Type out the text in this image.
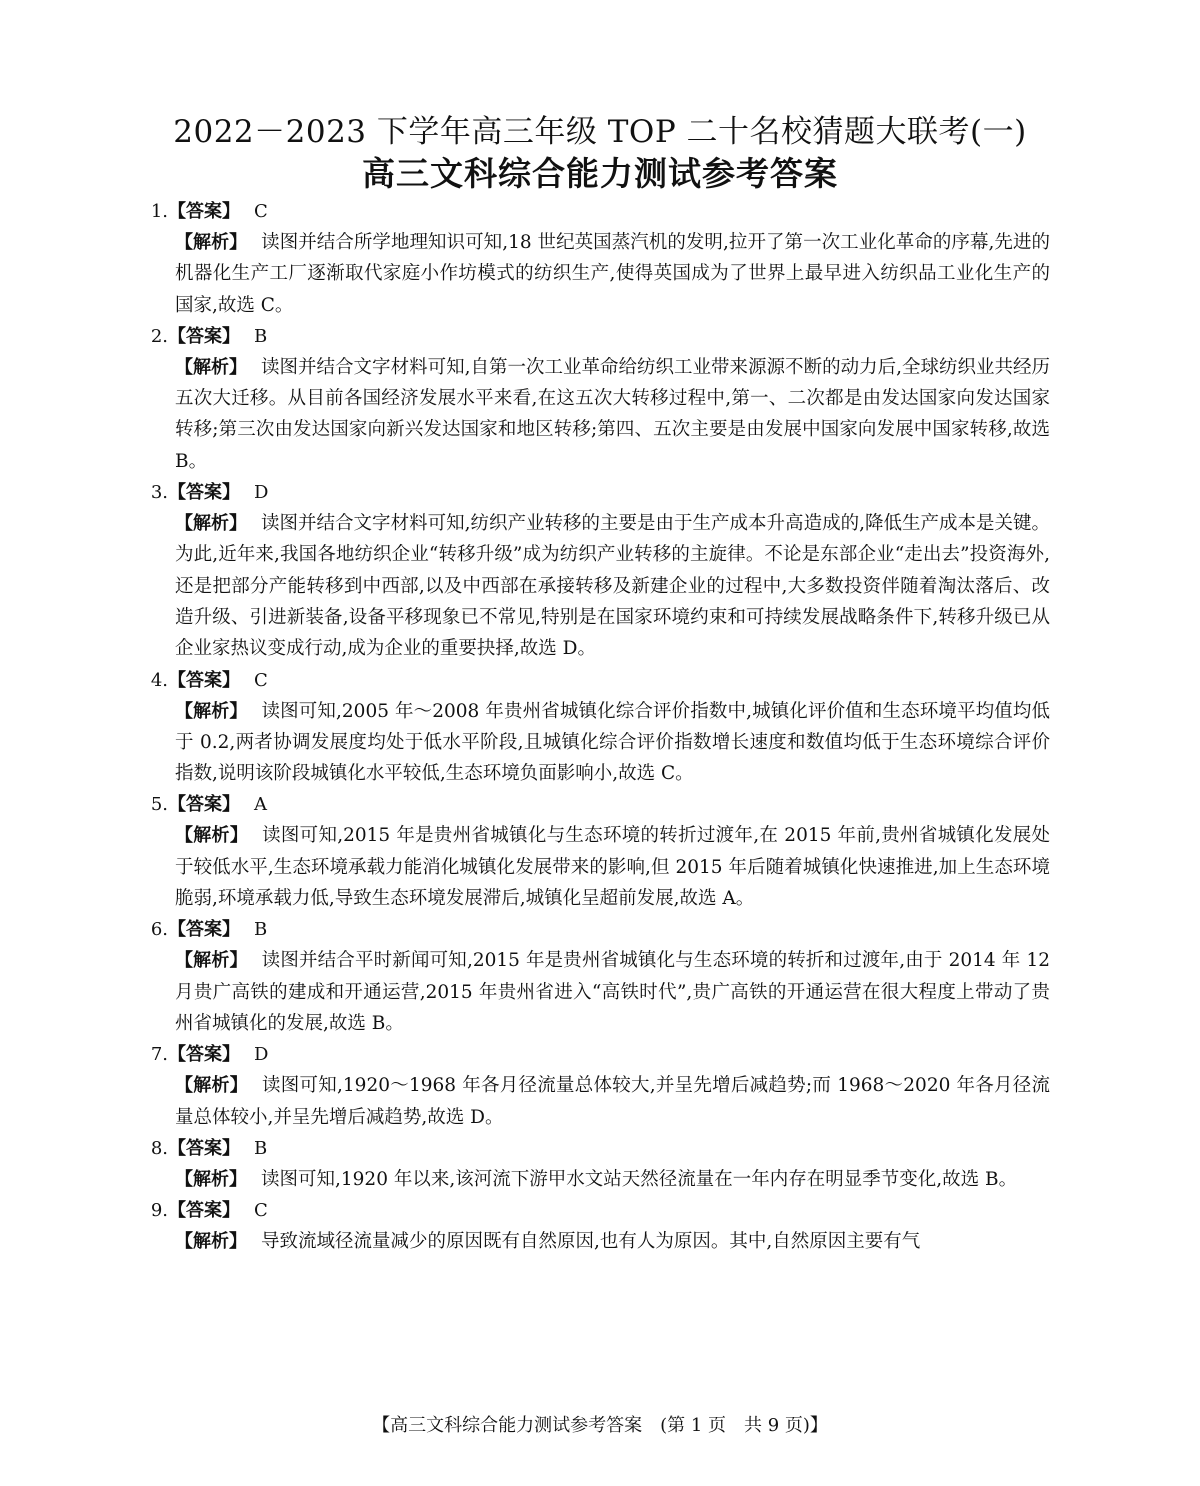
2022－2023 下学年高三年级 TOP 二十名校猜题大联考(一)
高三文科综合能力测试参考答案
1.【答案】 C
【解析】 读图并结合所学地理知识可知,18 世纪英国蒸汽机的发明,拉开了第一次工业化革命的序幕,先进的机器化生产工厂逐渐取代家庭小作坊模式的纺织生产,使得英国成为了世界上最早进入纺织品工业化生产的国家,故选 C。
2.【答案】 B
【解析】 读图并结合文字材料可知,自第一次工业革命给纺织工业带来源源不断的动力后,全球纺织业共经历五次大迁移。从目前各国经济发展水平来看,在这五次大转移过程中,第一、二次都是由发达国家向发达国家转移;第三次由发达国家向新兴发达国家和地区转移;第四、五次主要是由发展中国家向发展中国家转移,故选 B。
3.【答案】 D
【解析】 读图并结合文字材料可知,纺织产业转移的主要是由于生产成本升高造成的,降低生产成本是关键。为此,近年来,我国各地纺织企业“转移升级”成为纺织产业转移的主旋律。不论是东部企业“走出去”投资海外,还是把部分产能转移到中西部,以及中西部在承接转移及新建企业的过程中,大多数投资伴随着淘汰落后、改造升级、引进新装备,设备平移现象已不常见,特别是在国家环境约束和可持续发展战略条件下,转移升级已从企业家热议变成行动,成为企业的重要抉择,故选 D。
4.【答案】 C
【解析】 读图可知,2005 年～2008 年贵州省城镇化综合评价指数中,城镇化评价值和生态环境平均值均低于 0.2,两者协调发展度均处于低水平阶段,且城镇化综合评价指数增长速度和数值均低于生态环境综合评价指数,说明该阶段城镇化水平较低,生态环境负面影响小,故选 C。
5.【答案】 A
【解析】 读图可知,2015 年是贵州省城镇化与生态环境的转折过渡年,在 2015 年前,贵州省城镇化发展处于较低水平,生态环境承载力能消化城镇化发展带来的影响,但 2015 年后随着城镇化快速推进,加上生态环境脆弱,环境承载力低,导致生态环境发展滞后,城镇化呈超前发展,故选 A。
6.【答案】 B
【解析】 读图并结合平时新闻可知,2015 年是贵州省城镇化与生态环境的转折和过渡年,由于 2014 年 12 月贵广高铁的建成和开通运营,2015 年贵州省进入“高铁时代”,贵广高铁的开通运营在很大程度上带动了贵州省城镇化的发展,故选 B。
7.【答案】 D
【解析】 读图可知,1920～1968 年各月径流量总体较大,并呈先增后减趋势;而 1968～2020 年各月径流量总体较小,并呈先增后减趋势,故选 D。
8.【答案】 B
【解析】 读图可知,1920 年以来,该河流下游甲水文站天然径流量在一年内存在明显季节变化,故选 B。
9.【答案】 C
【解析】 导致流域径流量减少的原因既有自然原因,也有人为原因。其中,自然原因主要有气
【高三文科综合能力测试参考答案　(第 1 页　共 9 页)】
